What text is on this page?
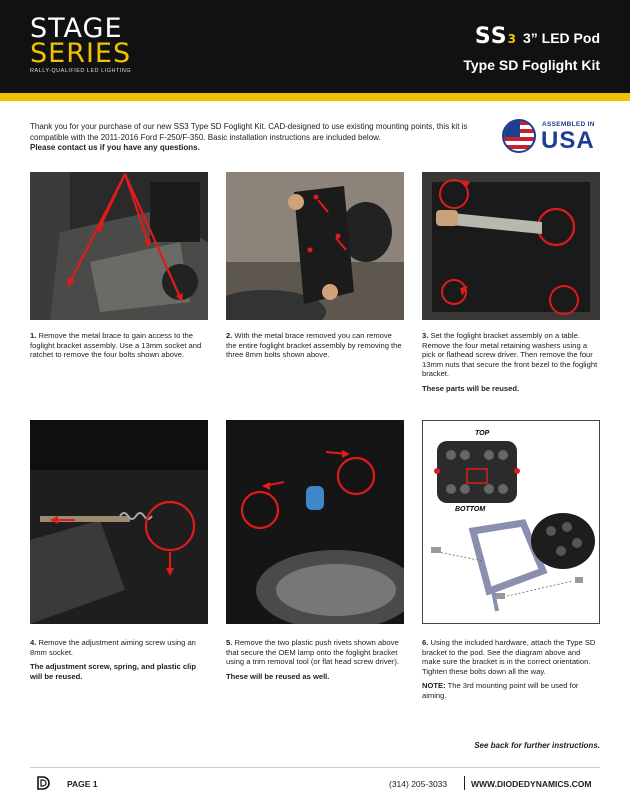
STAGE
SERIES
RALLY-QUALIFIED LED LIGHTING
SS3 3” LED Pod
Type SD Foglight Kit
Thank you for your purchase of our new SS3 Type SD Foglight Kit. CAD-designed to use existing mounting points, this kit is compatible with the 2011-2016 Ford F-250/F-350. Basic installation instructions are included below.
Please contact us if you have any questions.
ASSEMBLED IN
USA
1. Remove the metal brace to gain access to the foglight bracket assembly. Use a 13mm socket and ratchet to remove the four bolts shown above.
2. With the metal brace removed you can remove the entire foglight bracket assembly by removing the three 8mm bolts shown above.
3. Set the foglight bracket assembly on a table. Remove the four metal retaining washers using a pick or flathead screw driver. Then remove the four 13mm nuts that secure the front bezel to the foglight bracket.
These parts will be reused.
TOP
BOTTOM
4. Remove the adjustment aiming screw using an 8mm socket.
The adjustment screw, spring, and plastic clip will be reused.
5. Remove the two plastic push rivets shown above that secure the OEM lamp onto the foglight bracket using a trim removal tool (or flat head screw driver).
These will be reused as well.
6. Using the included hardware, attach the Type SD bracket to the pod. See the diagram above and make sure the bracket is in the correct orientation. Tighten these bolts down all the way.
NOTE: The 3rd mounting point will be used for aiming.
See back for further instructions.
PAGE 1	(314) 205-3033	WWW.DIODEDYNAMICS.COM
